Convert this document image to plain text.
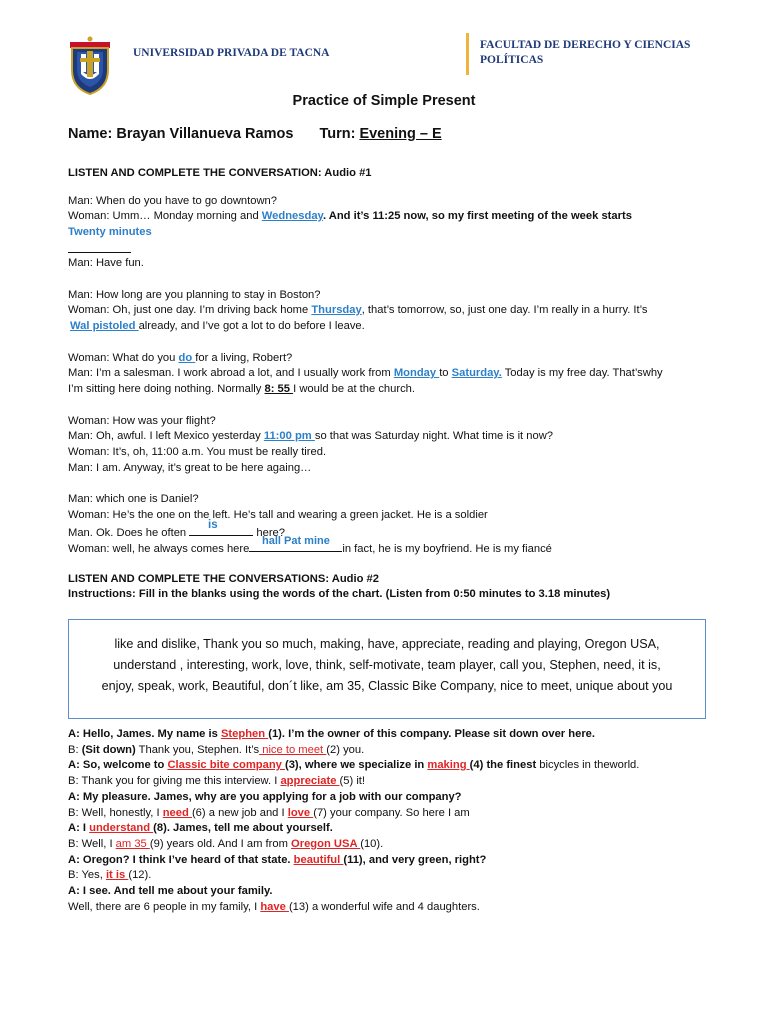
UNIVERSIDAD PRIVADA DE TACNA
FACULTAD DE DERECHO Y CIENCIAS
POLÍTICAS
Practice of Simple Present
Name: Brayan Villanueva Ramos Turn: Evening – E
LISTEN AND COMPLETE THE CONVERSATION: Audio #1
Man: When do you have to go downtown?
Woman: Umm… Monday morning and Wednesday. And it’s 11:25 now, so my first meeting of the week starts
Twenty minutes
Man: Have fun.
Man: How long are you planning to stay in Boston?
Woman: Oh, just one day. I’m driving back home Thursday, that’s tomorrow, so, just one day. I’m really in a hurry. It’s
Wal pistoled already, and I’ve got a lot to do before I leave.
Woman: What do you do for a living, Robert?
Man: I’m a salesman. I work abroad a lot, and I usually work from Monday to Saturday. Today is my free day. That’swhy
I’m sitting here doing nothing. Normally 8: 55 I would be at the church.
Woman: How was your flight?
Man: Oh, awful. I left Mexico yesterday 11:00 pm so that was Saturday night. What time is it now?
Woman: It’s, oh, 11:00 a.m. You must be really tired.
Man: I am. Anyway, it’s great to be here againg…
Man: which one is Daniel?
Woman: He’s the one on the left. He’s tall and wearing a green jacket. He is a soldier
Man. Ok. Does he often	here?
is
Woman: well, he always comes here	in fact, he is my boyfriend. He is my fiancé
hall Pat mine
LISTEN AND COMPLETE THE CONVERSATIONS: Audio #2
Instructions: Fill in the blanks using the words of the chart. (Listen from 0:50 minutes to 3.18 minutes)
like and dislike, Thank you so much, making, have, appreciate, reading and playing, Oregon USA,
understand , interesting, work, love, think, self-motivate, team player, call you, Stephen, need, it is,
enjoy, speak, work, Beautiful, don´t like, am 35, Classic Bike Company, nice to meet, unique about you
A: Hello, James. My name is Stephen (1). I’m the owner of this company. Please sit down over here.
B: (Sit down) Thank you, Stephen. It’s nice to meet (2) you.
A: So, welcome to Classic bite company (3), where we specialize in making (4) the finest bicycles in theworld.
B: Thank you for giving me this interview. I appreciate (5) it!
A: My pleasure. James, why are you applying for a job with our company?
B: Well, honestly, I need (6) a new job and I love (7) your company. So here I am
A: I understand (8). James, tell me about yourself.
B: Well, I am 35 (9) years old. And I am from Oregon USA (10).
A: Oregon? I think I’ve heard of that state. beautiful (11), and very green, right?
B: Yes, it is (12).
A: I see. And tell me about your family.
Well, there are 6 people in my family, I have (13) a wonderful wife and 4 daughters.
